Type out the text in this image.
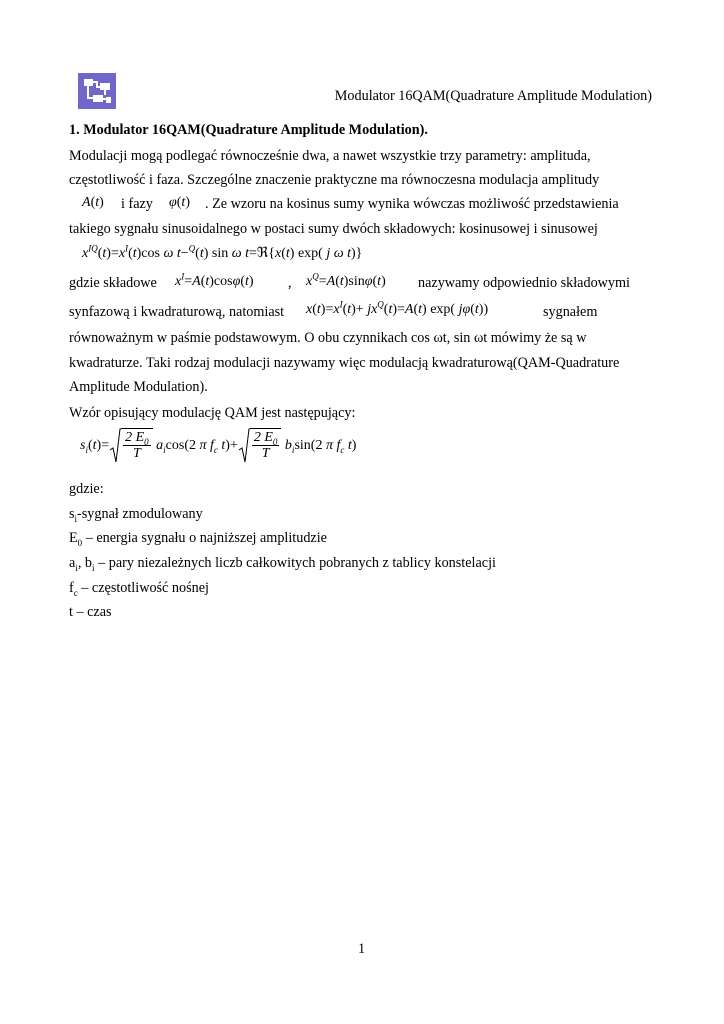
Modulator 16QAM(Quadrature Amplitude Modulation)
1. Modulator 16QAM(Quadrature Amplitude Modulation).
Modulacji mogą podlegać równocześnie dwa, a nawet wszystkie trzy parametry: amplituda,
częstotliwość i faza. Szczególne znaczenie praktyczne ma równoczesna modulacja amplitudy
A(t) i fazy φ(t) . Ze wzoru na kosinus sumy wynika wówczas możliwość przedstawienia
takiego sygnału sinusoidalnego w postaci sumy dwóch składowych: kosinusowej i sinusowej
$x^{IQ}(t)=x^I(t)\cos$ ω t−$^Q$(t) sin ω t=ℜ{x(t) exp( j ω t)}
gdzie składowe $x^I=A(t)\cos\varphi(t)$ , $x^Q=A(t)\sin\varphi(t)$ nazywamy odpowiednio składowymi
synfazową i kwadraturową, natomiast $x(t)=x^I(t)+ jx^Q(t)=A(t)$ exp( jφ(t))	sygnałem
równoważnym w paśmie podstawowym. O obu czynnikach cos ωt, sin ωt mówimy że są w
kwadraturze. Taki rodzaj modulacji nazywamy więc modulacją kwadraturową(QAM-Quadrature
Amplitude Modulation).
Wzór opisujący modulację QAM jest następujący:
$s_i(t)= \frac{2 E_0}{T} a_i\cos(2$ π $f_c$ $t)+ \frac{2 E_0}{T} b_i\sin(2$ π $f_c$ t)
gdzie:
$s_i$-sygnał zmodulowany
$E_0$ – energia sygnału o najniższej amplitudzie
$a_i$, $b_i$ – pary niezależnych liczb całkowitych pobranych z tablicy konstelacji
$f_c$ – częstotliwość nośnej
t – czas
1
